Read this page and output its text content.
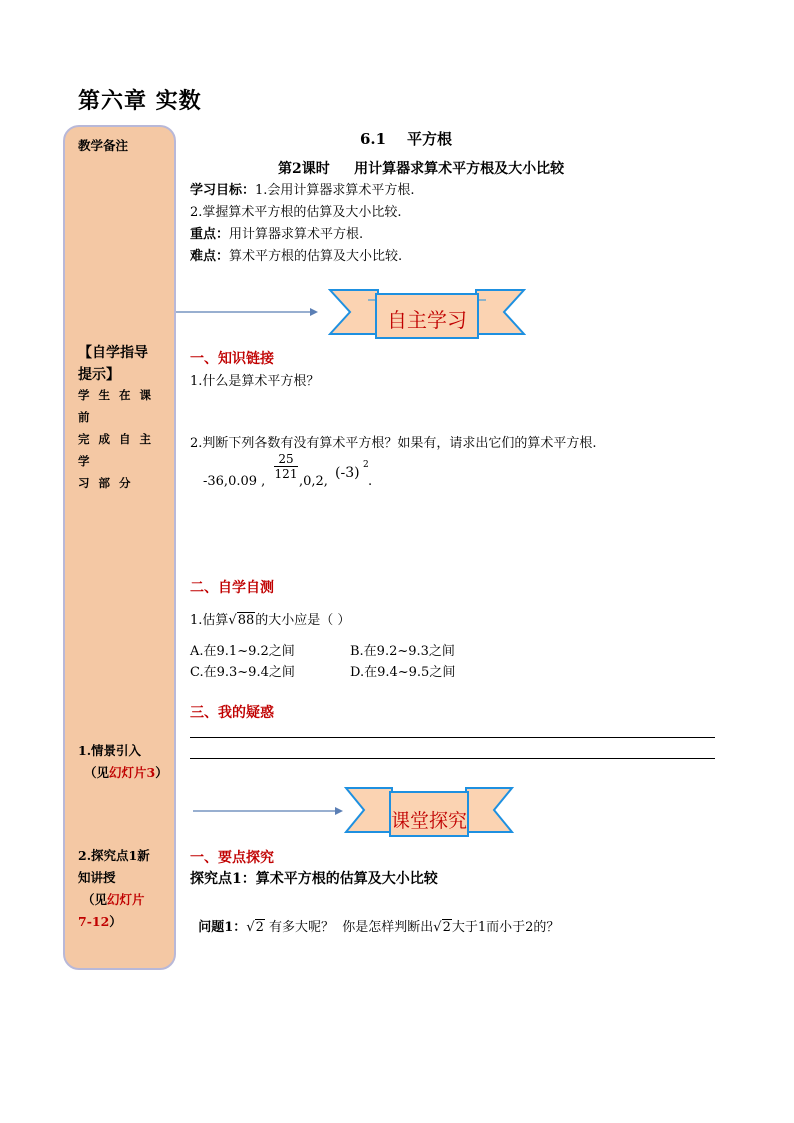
第六章 实数
教学备注
【自学指导
提示】
学生在课前
完成自主学
习部分
1.情景引入
（见幻灯片3）
2.探究点1新
知讲授
（见幻灯片
7-12）
6.1    平方根
第2课时     用计算器求算术平方根及大小比较
学习目标：1.会用计算器求算术平方根.
2.掌握算术平方根的估算及大小比较.
重点：用计算器求算术平方根.
难点：算术平方根的估算及大小比较.
自主学习
一、知识链接
1.什么是算术平方根？
2.判断下列各数有没有算术平方根？如果有，请求出它们的算术平方根.
-36,0.09 ,
25
121 ,0,2,
(-3) 2
.
二、自学自测
1.估算√88的大小应是（ ）
A.在9.1~9.2之间	B.在9.2~9.3之间
C.在9.3~9.4之间	D.在9.4~9.5之间
三、我的疑惑
课堂探究
一、要点探究
探究点1：算术平方根的估算及大小比较

问题1：√2 有多大呢？  你是怎样判断出√2大于1而小于2的？
